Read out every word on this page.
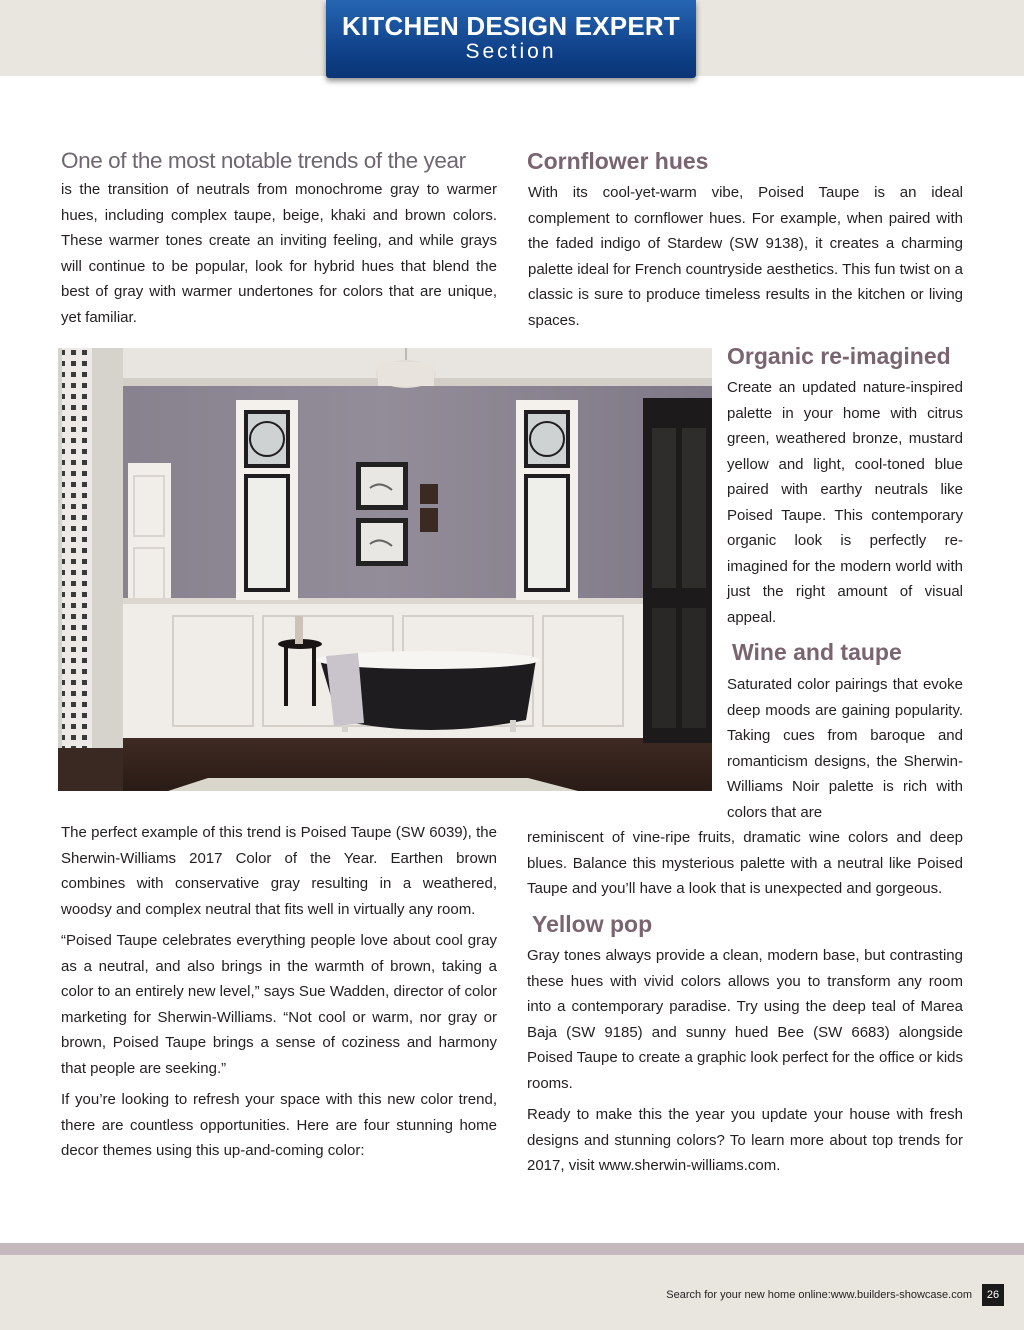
KITCHEN DESIGN EXPERT
Section
One of the most notable trends of the year

is the transition of neutrals from monochrome gray to warmer hues, including complex taupe, beige, khaki and brown colors. These warmer tones create an inviting feeling, and while grays will continue to be popular, look for hybrid hues that blend the best of gray with warmer undertones for colors that are unique, yet familiar.

Cornflower hues

With its cool-yet-warm vibe, Poised Taupe is an ideal complement to cornflower hues. For example, when paired with the faded indigo of Stardew (SW 9138), it creates a charming palette ideal for French countryside aesthetics. This fun twist on a classic is sure to produce timeless results in the kitchen or living spaces.

Organic re-imagined

Create an updated nature-inspired palette in your home with citrus green, weathered bronze, mustard yellow and light, cool-toned blue paired with earthy neutrals like Poised Taupe. This contemporary organic look is perfectly re-imagined for the modern world with just the right amount of visual appeal.

Wine and taupe

Saturated color pairings that evoke deep moods are gaining popularity. Taking cues from baroque and romanticism designs, the Sherwin-Williams Noir palette is rich with colors that are

reminiscent of vine-ripe fruits, dramatic wine colors and deep blues. Balance this mysterious palette with a neutral like Poised Taupe and you’ll have a look that is unexpected and gorgeous.

The perfect example of this trend is Poised Taupe (SW 6039), the Sherwin-Williams 2017 Color of the Year. Earthen brown combines with conservative gray resulting in a weathered, woodsy and complex neutral that fits well in virtually any room.

“Poised Taupe celebrates everything people love about cool gray as a neutral, and also brings in the warmth of brown, taking a color to an entirely new level,” says Sue Wadden, director of color marketing for Sherwin-Williams. “Not cool or warm, nor gray or brown, Poised Taupe brings a sense of coziness and harmony that people are seeking.”

If you’re looking to refresh your space with this new color trend, there are countless opportunities. Here are four stunning home decor themes using this up-and-coming color:

Yellow pop

Gray tones always provide a clean, modern base, but contrasting these hues with vivid colors allows you to transform any room into a contemporary paradise. Try using the deep teal of Marea Baja (SW 9185) and sunny hued Bee (SW 6683) alongside Poised Taupe to create a graphic look perfect for the office or kids rooms.

Ready to make this the year you update your house with fresh designs and stunning colors? To learn more about top trends for 2017, visit www.sherwin-williams.com.

Search for your new home online:www.builders-showcase.com	26
